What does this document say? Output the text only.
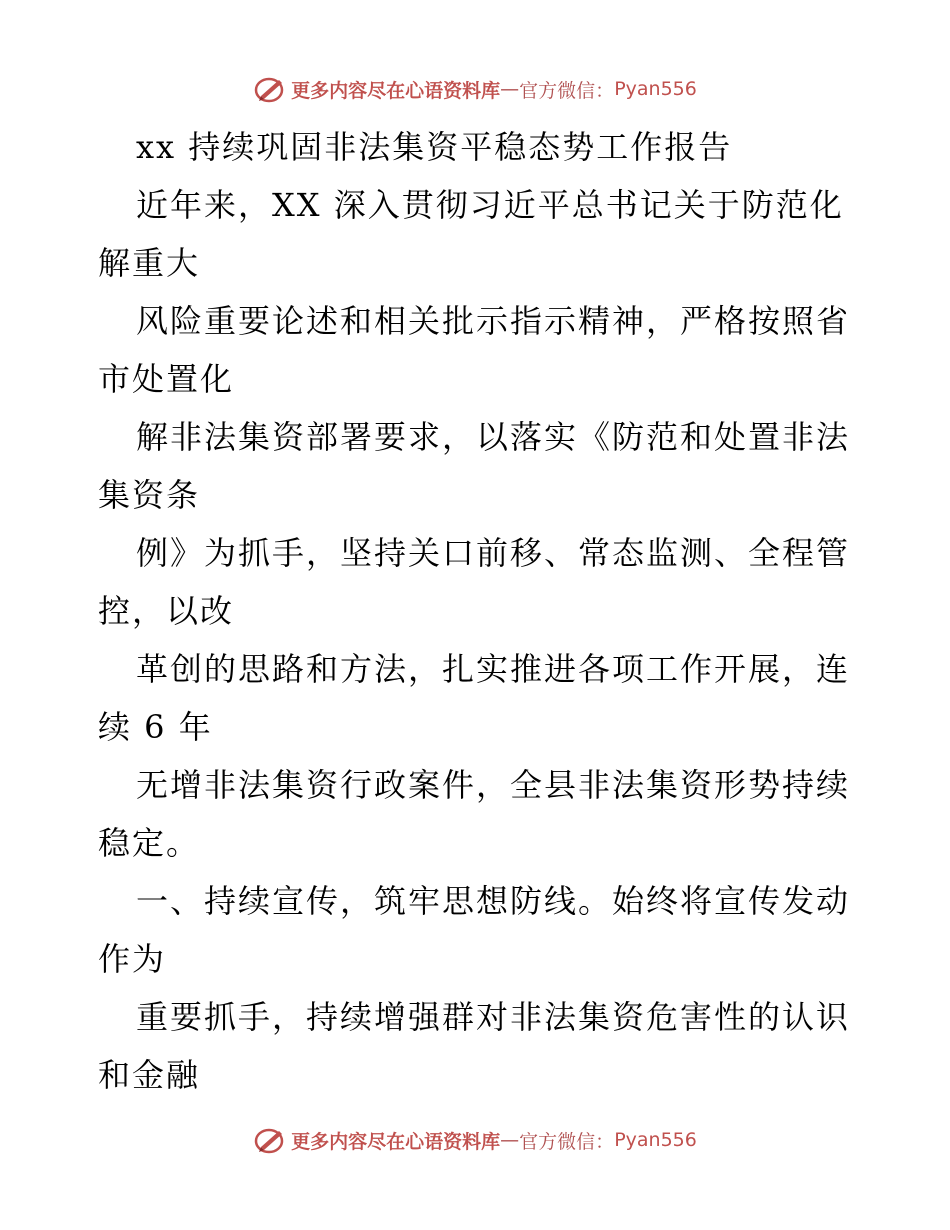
更多内容尽在心语资料库 — 官方微信： Pyan556
xx 持续巩固非法集资平稳态势工作报告
近年来，XX 深入贯彻习近平总书记关于防范化
解重大
风险重要论述和相关批示指示精神，严格按照省
市处置化
解非法集资部署要求，以落实《防范和处置非法
集资条
例》为抓手，坚持关口前移、常态监测、全程管
控，以改
革创的思路和方法，扎实推进各项工作开展，连
续 6 年
无增非法集资行政案件，全县非法集资形势持续
稳定。
一、持续宣传，筑牢思想防线。始终将宣传发动
作为
重要抓手，持续增强群对非法集资危害性的认识
和金融
更多内容尽在心语资料库 — 官方微信： Pyan556
